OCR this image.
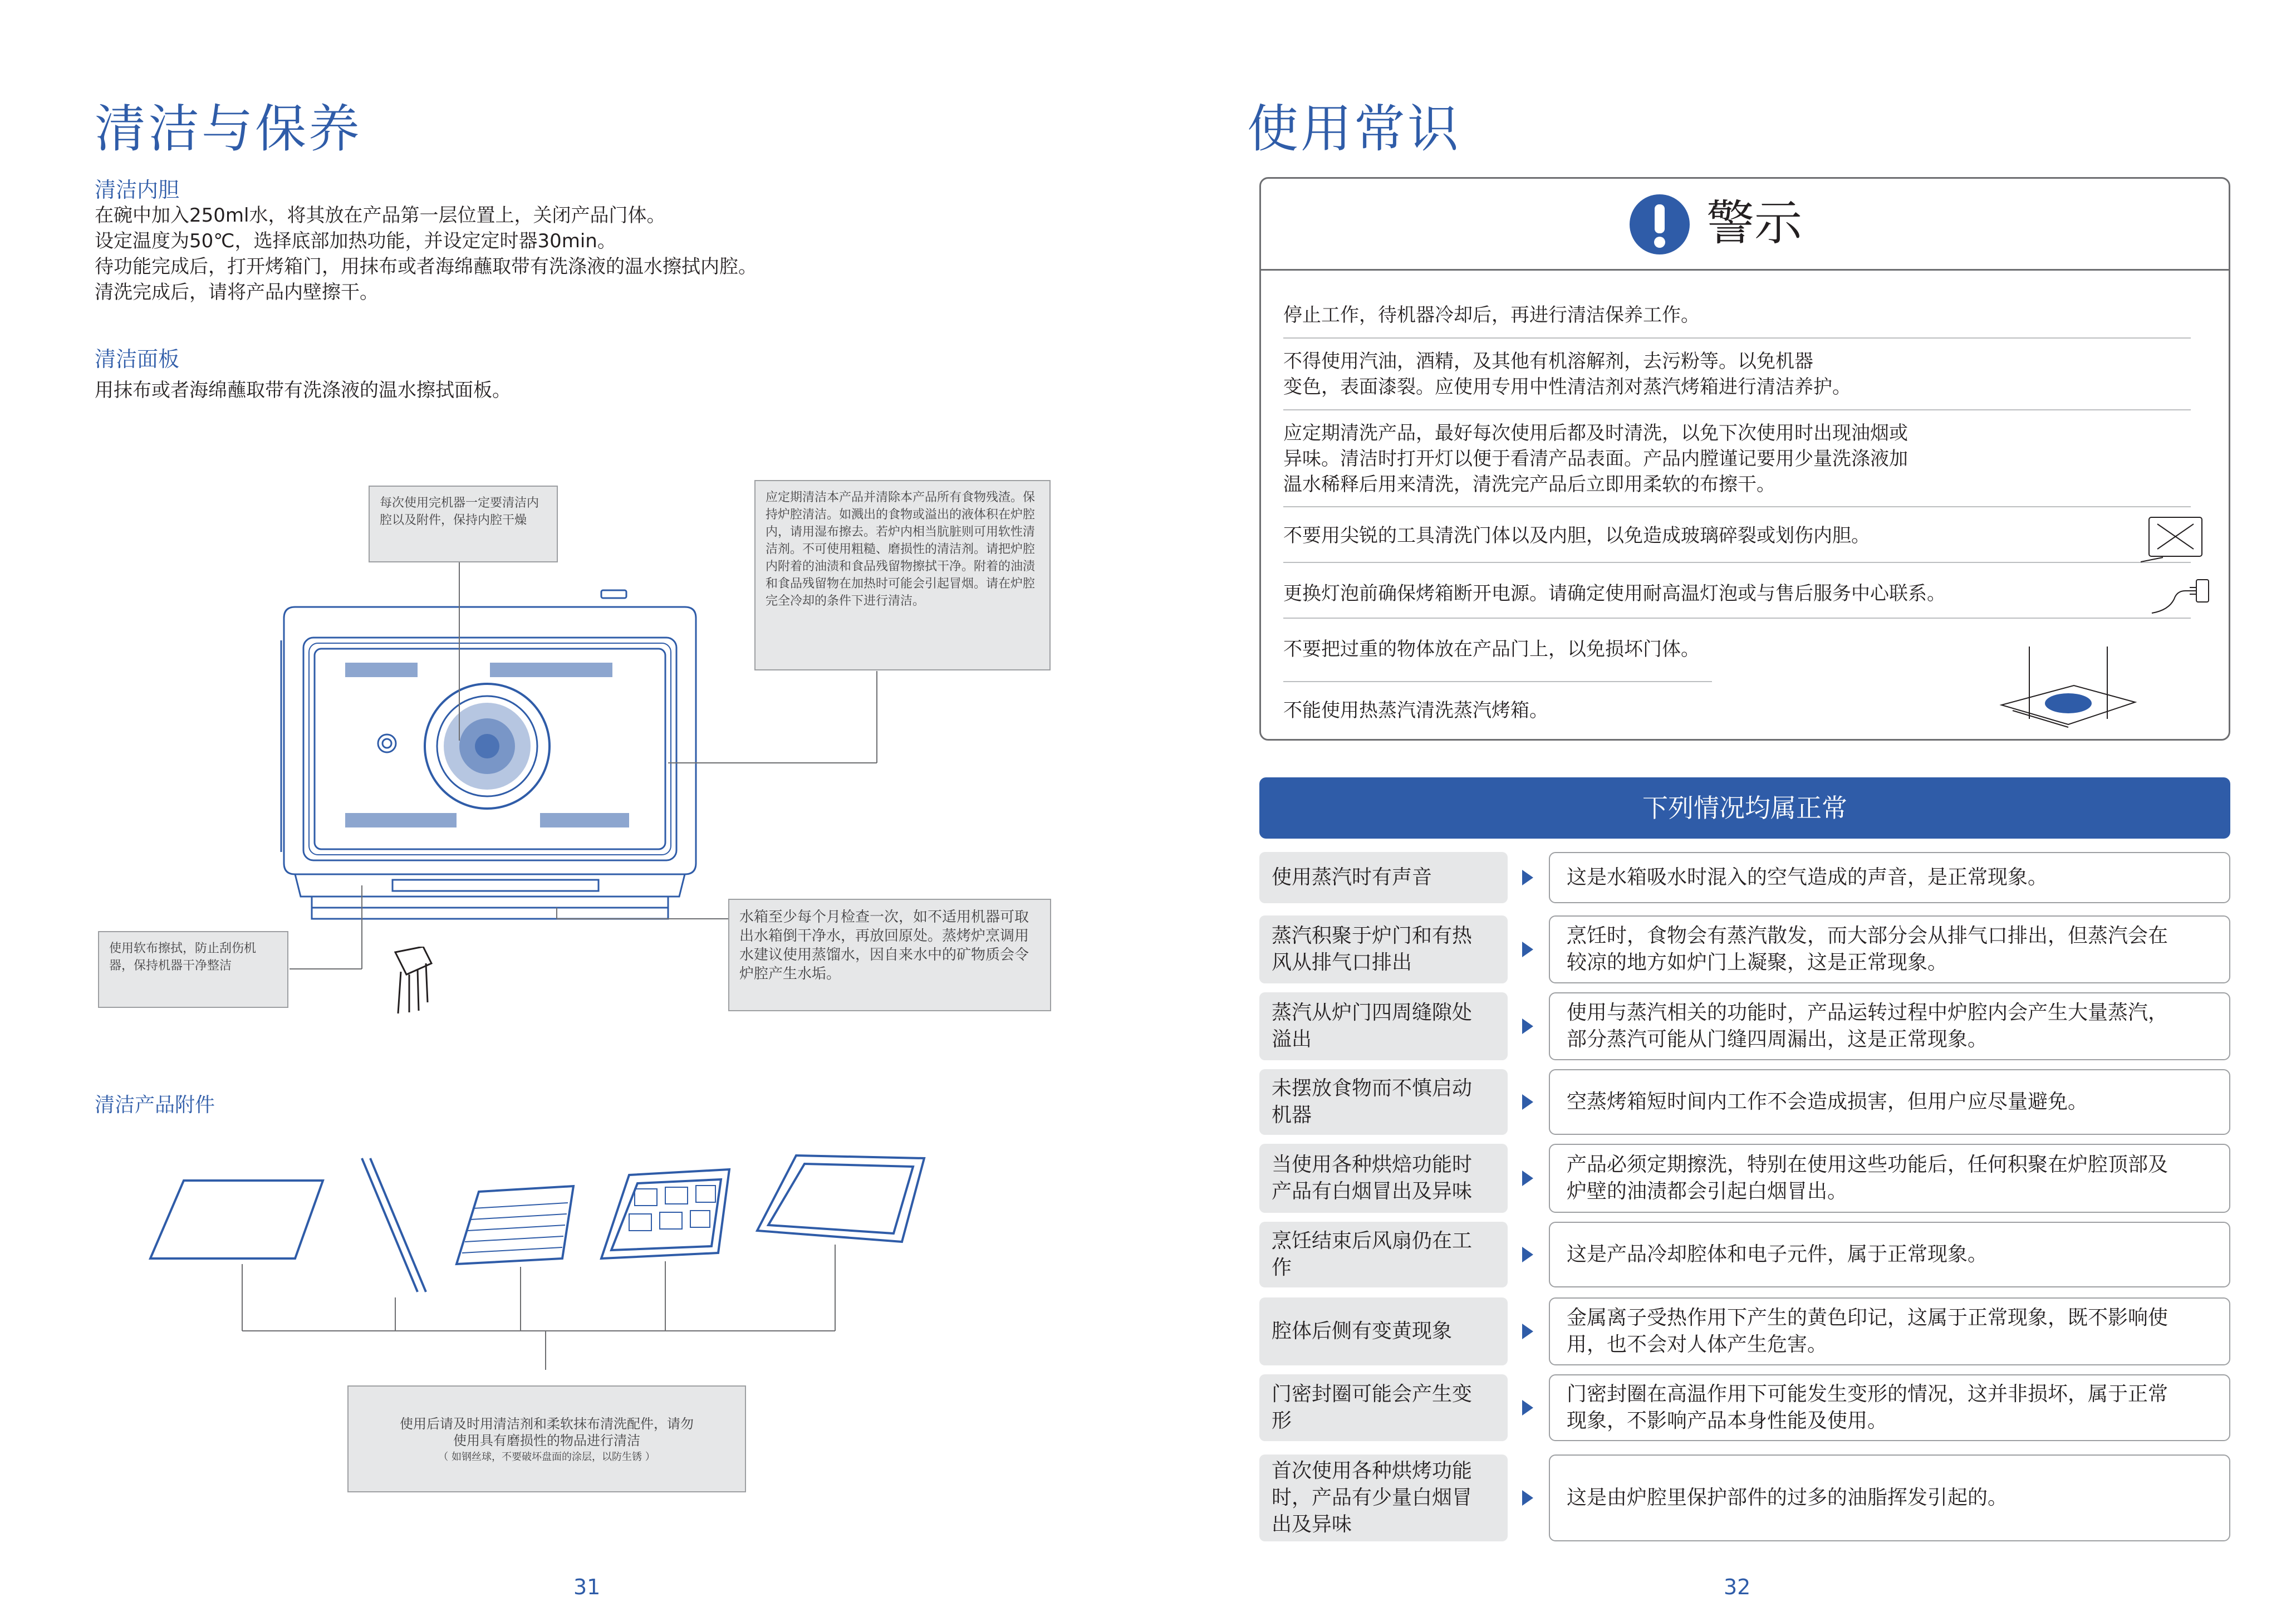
清洁与保养
清洁内胆
在碗中加入250ml水，将其放在产品第一层位置上，关闭产品门体。
设定温度为50℃，选择底部加热功能，并设定定时器30min。
待功能完成后，打开烤箱门，用抹布或者海绵蘸取带有洗涤液的温水擦拭内腔。
清洗完成后，请将产品内壁擦干。
清洁面板
用抹布或者海绵蘸取带有洗涤液的温水擦拭面板。
每次使用完机器一定要清洁内腔以及附件，保持内腔干燥
应定期清洁本产品并清除本产品所有食物残渣。保持炉腔清洁。如溅出的食物或溢出的液体积在炉腔内，请用湿布擦去。若炉内相当肮脏则可用软性清洁剂。不可使用粗糙、磨损性的清洁剂。请把炉腔内附着的油渍和食品残留物擦拭干净。附着的油渍和食品残留物在加热时可能会引起冒烟。请在炉腔完全冷却的条件下进行清洁。
使用软布擦拭，防止刮伤机器，保持机器干净整洁
水箱至少每个月检查一次，如不适用机器可取出水箱倒干净水，再放回原处。蒸烤炉烹调用水建议使用蒸馏水，因自来水中的矿物质会令炉腔产生水垢。
清洁产品附件
使用后请及时用清洁剂和柔软抹布清洗配件，请勿
使用具有磨损性的物品进行清洁
（ 如钢丝球，不要破坏盘面的涂层，以防生锈 ）
31
使用常识
警示
停止工作，待机器冷却后，再进行清洁保养工作。
不得使用汽油，酒精，及其他有机溶解剂，去污粉等。以免机器
变色，表面漆裂。应使用专用中性清洁剂对蒸汽烤箱进行清洁养护。
应定期清洗产品，最好每次使用后都及时清洗，以免下次使用时出现油烟或
异味。清洁时打开灯以便于看清产品表面。产品内膛谨记要用少量洗涤液加
温水稀释后用来清洗，清洗完产品后立即用柔软的布擦干。
不要用尖锐的工具清洗门体以及内胆，以免造成玻璃碎裂或划伤内胆。
更换灯泡前确保烤箱断开电源。请确定使用耐高温灯泡或与售后服务中心联系。
不要把过重的物体放在产品门上，以免损坏门体。
不能使用热蒸汽清洗蒸汽烤箱。
下列情况均属正常
使用蒸汽时有声音	这是水箱吸水时混入的空气造成的声音，是正常现象。
蒸汽积聚于炉门和有热
风从排气口排出
烹饪时，食物会有蒸汽散发，而大部分会从排气口排出，但蒸汽会在
较凉的地方如炉门上凝聚，这是正常现象。
蒸汽从炉门四周缝隙处
溢出
使用与蒸汽相关的功能时，产品运转过程中炉腔内会产生大量蒸汽，
部分蒸汽可能从门缝四周漏出，这是正常现象。
未摆放食物而不慎启动
机器
空蒸烤箱短时间内工作不会造成损害，但用户应尽量避免。
当使用各种烘焙功能时
产品有白烟冒出及异味
产品必须定期擦洗，特别在使用这些功能后，任何积聚在炉腔顶部及
炉壁的油渍都会引起白烟冒出。
烹饪结束后风扇仍在工
作
这是产品冷却腔体和电子元件，属于正常现象。
腔体后侧有变黄现象
金属离子受热作用下产生的黄色印记，这属于正常现象，既不影响使
用，也不会对人体产生危害。
门密封圈可能会产生变
形
门密封圈在高温作用下可能发生变形的情况，这并非损坏，属于正常
现象，不影响产品本身性能及使用。
首次使用各种烘烤功能
时，产品有少量白烟冒
出及异味
这是由炉腔里保护部件的过多的油脂挥发引起的。
32
